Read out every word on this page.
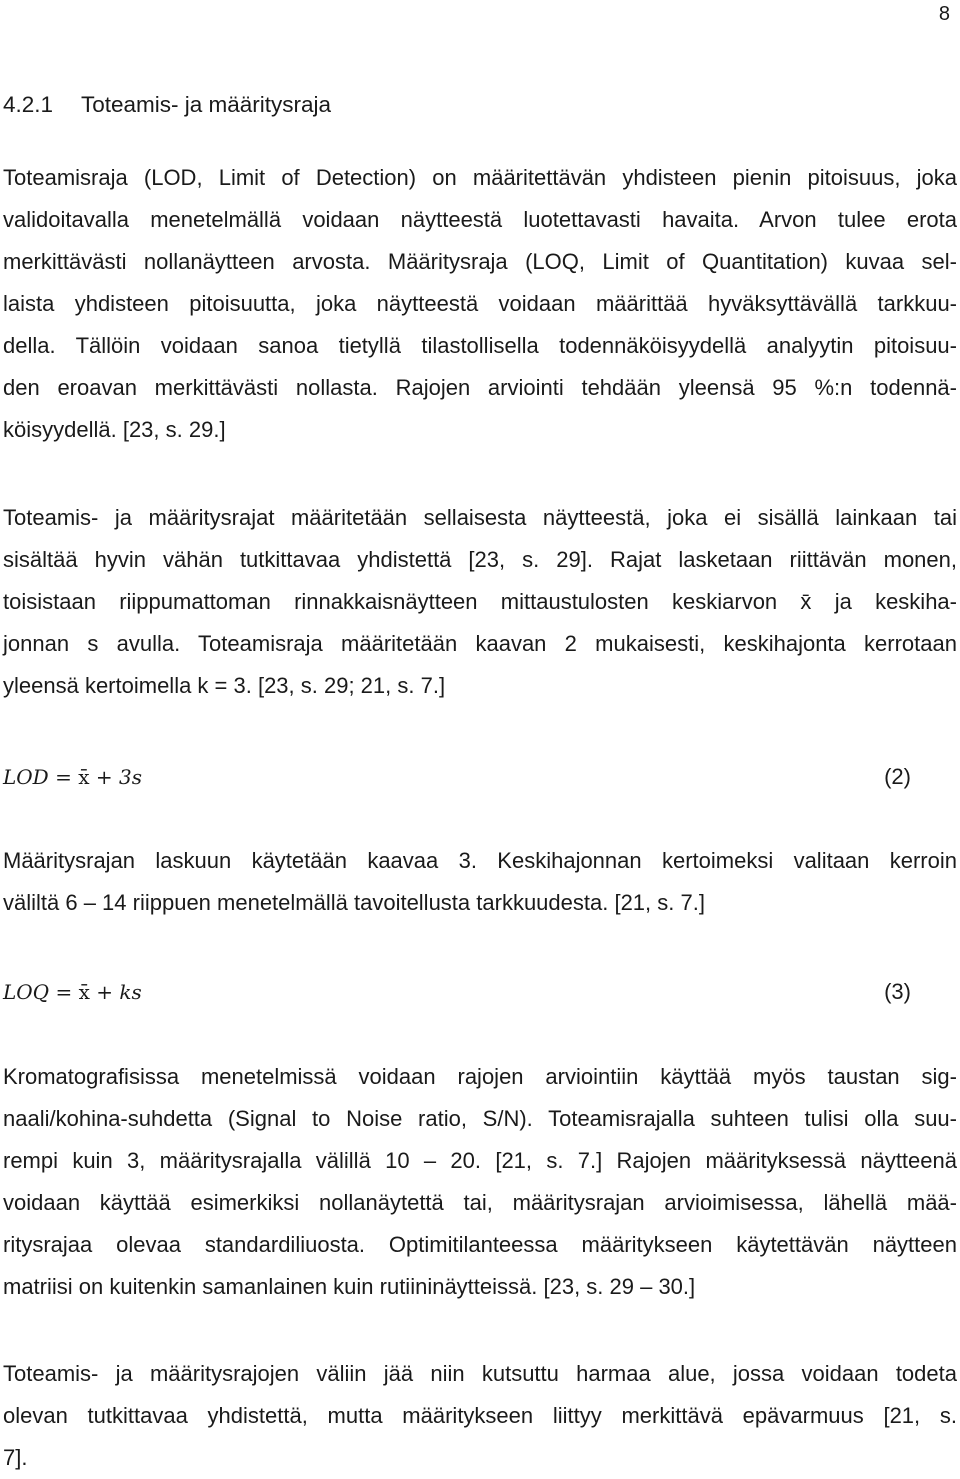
8
4.2.1 Toteamis- ja määritysraja
Toteamisraja (LOD, Limit of Detection) on määritettävän yhdisteen pienin pitoisuus, joka
validoitavalla menetelmällä voidaan näytteestä luotettavasti havaita. Arvon tulee erota
merkittävästi nollanäytteen arvosta. Määritysraja (LOQ, Limit of Quantitation) kuvaa sel-
laista yhdisteen pitoisuutta, joka näytteestä voidaan määrittää hyväksyttävällä tarkkuu-
della. Tällöin voidaan sanoa tietyllä tilastollisella todennäköisyydellä analyytin pitoisuu-
den eroavan merkittävästi nollasta. Rajojen arviointi tehdään yleensä 95 %:n todennä-
köisyydellä. [23, s. 29.]
Toteamis- ja määritysrajat määritetään sellaisesta näytteestä, joka ei sisällä lainkaan tai
sisältää hyvin vähän tutkittavaa yhdistettä [23, s. 29]. Rajat lasketaan riittävän monen,
toisistaan riippumattoman rinnakkaisnäytteen mittaustulosten keskiarvon x̄ ja keskiha-
jonnan s avulla. Toteamisraja määritetään kaavan 2 mukaisesti, keskihajonta kerrotaan
yleensä kertoimella k = 3. [23, s. 29; 21, s. 7.]
LOD = x̄ + 3s	(2)
Määritysrajan laskuun käytetään kaavaa 3. Keskihajonnan kertoimeksi valitaan kerroin
väliltä 6 – 14 riippuen menetelmällä tavoitellusta tarkkuudesta. [21, s. 7.]
LOQ = x̄ + ks	(3)
Kromatografisissa menetelmissä voidaan rajojen arviointiin käyttää myös taustan sig-
naali/kohina-suhdetta (Signal to Noise ratio, S/N). Toteamisrajalla suhteen tulisi olla suu-
rempi kuin 3, määritysrajalla välillä 10 – 20. [21, s. 7.] Rajojen määrityksessä näytteenä
voidaan käyttää esimerkiksi nollanäytettä tai, määritysrajan arvioimisessa, lähellä mää-
ritysrajaa olevaa standardiliuosta. Optimitilanteessa määritykseen käytettävän näytteen
matriisi on kuitenkin samanlainen kuin rutiininäytteissä. [23, s. 29 – 30.]
Toteamis- ja määritysrajojen väliin jää niin kutsuttu harmaa alue, jossa voidaan todeta
olevan tutkittavaa yhdistettä, mutta määritykseen liittyy merkittävä epävarmuus [21, s.
7].
